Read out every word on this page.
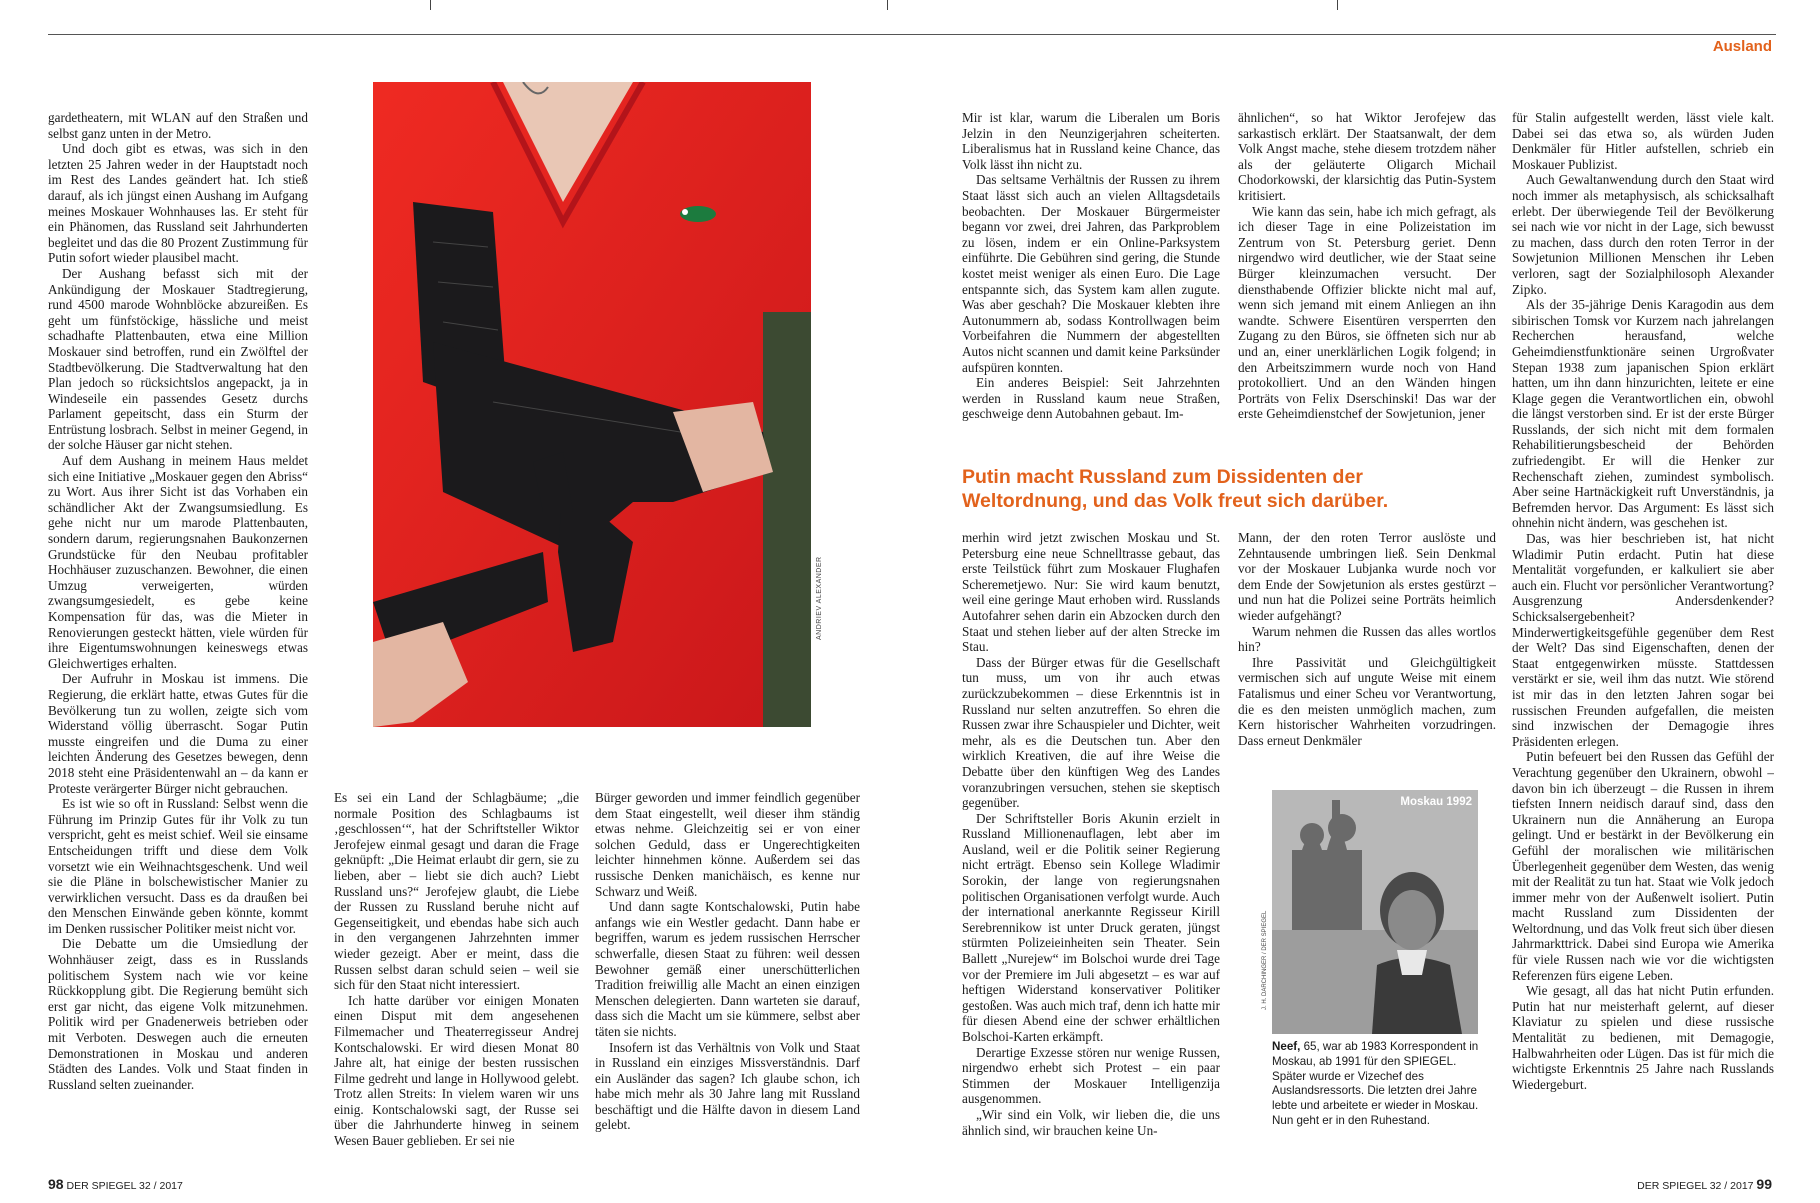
Ausland

gardetheatern, mit WLAN auf den Straßen und selbst ganz unten in der Metro.

Und doch gibt es etwas, was sich in den letzten 25 Jahren weder in der Hauptstadt noch im Rest des Landes geändert hat. Ich stieß darauf, als ich jüngst einen Aushang im Aufgang meines Moskauer Wohnhauses las. Er steht für ein Phänomen, das Russland seit Jahrhunderten begleitet und das die 80 Prozent Zustimmung für Putin sofort wieder plausibel macht.

Der Aushang befasst sich mit der Ankündigung der Moskauer Stadtregierung, rund 4500 marode Wohnblöcke abzureißen. Es geht um fünfstöckige, hässliche und meist schadhafte Plattenbauten, etwa eine Million Moskauer sind betroffen, rund ein Zwölftel der Stadtbevölkerung. Die Stadtverwaltung hat den Plan jedoch so rücksichtslos angepackt, ja in Windeseile ein passendes Gesetz durchs Parlament gepeitscht, dass ein Sturm der Entrüstung losbrach. Selbst in meiner Gegend, in der solche Häuser gar nicht stehen.

Auf dem Aushang in meinem Haus meldet sich eine Initiative „Moskauer gegen den Abriss“ zu Wort. Aus ihrer Sicht ist das Vorhaben ein schändlicher Akt der Zwangsumsiedlung. Es gehe nicht nur um marode Plattenbauten, sondern darum, regierungsnahen Baukonzernen Grundstücke für den Neubau profitabler Hochhäuser zuzuschanzen. Bewohner, die einen Umzug verweigerten, würden zwangsumgesiedelt, es gebe keine Kompensation für das, was die Mieter in Renovierungen gesteckt hätten, viele würden für ihre Eigentumswohnungen keineswegs etwas Gleichwertiges erhalten.

Der Aufruhr in Moskau ist immens. Die Regierung, die erklärt hatte, etwas Gutes für die Bevölkerung tun zu wollen, zeigte sich vom Widerstand völlig überrascht. Sogar Putin musste eingreifen und die Duma zu einer leichten Änderung des Gesetzes bewegen, denn 2018 steht eine Präsidentenwahl an – da kann er Proteste verärgerter Bürger nicht gebrauchen.

Es ist wie so oft in Russland: Selbst wenn die Führung im Prinzip Gutes für ihr Volk zu tun verspricht, geht es meist schief. Weil sie einsame Entscheidungen trifft und diese dem Volk vorsetzt wie ein Weihnachtsgeschenk. Und weil sie die Pläne in bolschewistischer Manier zu verwirklichen versucht. Dass es da draußen bei den Menschen Einwände geben könnte, kommt im Denken russischer Politiker meist nicht vor.

Die Debatte um die Umsiedlung der Wohnhäuser zeigt, dass es in Russlands politischem System nach wie vor keine Rückkopplung gibt. Die Regierung bemüht sich erst gar nicht, das eigene Volk mitzunehmen. Politik wird per Gnadenerweis betrieben oder mit Verboten. Deswegen auch die erneuten Demonstrationen in Moskau und anderen Städten des Landes. Volk und Staat finden in Russland selten zueinander.

ANDRIEV ALEXANDER

Es sei ein Land der Schlagbäume; „die normale Position des Schlagbaums ist ‚geschlossen‘“, hat der Schriftsteller Wiktor Jerofejew einmal gesagt und daran die Frage geknüpft: „Die Heimat erlaubt dir gern, sie zu lieben, aber – liebt sie dich auch? Liebt Russland uns?“ Jerofejew glaubt, die Liebe der Russen zu Russland beruhe nicht auf Gegenseitigkeit, und ebendas habe sich auch in den vergangenen Jahrzehnten immer wieder gezeigt. Aber er meint, dass die Russen selbst daran schuld seien – weil sie sich für den Staat nicht interessiert.

Ich hatte darüber vor einigen Monaten einen Disput mit dem angesehenen Filmemacher und Theaterregisseur Andrej Kontschalowski. Er wird diesen Monat 80 Jahre alt, hat einige der besten russischen Filme gedreht und lange in Hollywood gelebt. Trotz allen Streits: In vielem waren wir uns einig. Kontschalowski sagt, der Russe sei über die Jahrhunderte hinweg in seinem Wesen Bauer geblieben. Er sei nie

Bürger geworden und immer feindlich gegenüber dem Staat eingestellt, weil dieser ihm ständig etwas nehme. Gleichzeitig sei er von einer solchen Geduld, dass er Ungerechtigkeiten leichter hinnehmen könne. Außerdem sei das russische Denken manichäisch, es kenne nur Schwarz und Weiß.

Und dann sagte Kontschalowski, Putin habe anfangs wie ein Westler gedacht. Dann habe er begriffen, warum es jedem russischen Herrscher schwerfalle, diesen Staat zu führen: weil dessen Bewohner gemäß einer unerschütterlichen Tradition freiwillig alle Macht an einen einzigen Menschen delegierten. Dann warteten sie darauf, dass sich die Macht um sie kümmere, selbst aber täten sie nichts.

Insofern ist das Verhältnis von Volk und Staat in Russland ein einziges Missverständnis. Darf ein Ausländer das sagen? Ich glaube schon, ich habe mich mehr als 30 Jahre lang mit Russland beschäftigt und die Hälfte davon in diesem Land gelebt.

Mir ist klar, warum die Liberalen um Boris Jelzin in den Neunzigerjahren scheiterten. Liberalismus hat in Russland keine Chance, das Volk lässt ihn nicht zu.

Das seltsame Verhältnis der Russen zu ihrem Staat lässt sich auch an vielen Alltagsdetails beobachten. Der Moskauer Bürgermeister begann vor zwei, drei Jahren, das Parkproblem zu lösen, indem er ein Online-Parksystem einführte. Die Gebühren sind gering, die Stunde kostet meist weniger als einen Euro. Die Lage entspannte sich, das System kam allen zugute. Was aber geschah? Die Moskauer klebten ihre Autonummern ab, sodass Kontrollwagen beim Vorbeifahren die Nummern der abgestellten Autos nicht scannen und damit keine Parksünder aufspüren konnten.

Ein anderes Beispiel: Seit Jahrzehnten werden in Russland kaum neue Straßen, geschweige denn Autobahnen gebaut. Im-

ähnlichen“, so hat Wiktor Jerofejew das sarkastisch erklärt. Der Staatsanwalt, der dem Volk Angst mache, stehe diesem trotzdem näher als der geläuterte Oligarch Michail Chodorkowski, der klarsichtig das Putin-System kritisiert.

Wie kann das sein, habe ich mich gefragt, als ich dieser Tage in eine Polizeistation im Zentrum von St. Petersburg geriet. Denn nirgendwo wird deutlicher, wie der Staat seine Bürger kleinzumachen versucht. Der diensthabende Offizier blickte nicht mal auf, wenn sich jemand mit einem Anliegen an ihn wandte. Schwere Eisentüren versperrten den Zugang zu den Büros, sie öffneten sich nur ab und an, einer unerklärlichen Logik folgend; in den Arbeitszimmern wurde noch von Hand protokolliert. Und an den Wänden hingen Porträts von Felix Dserschinski! Das war der erste Geheimdienstchef der Sowjetunion, jener

Putin macht Russland zum Dissidenten der Weltordnung, und das Volk freut sich darüber.

merhin wird jetzt zwischen Moskau und St. Petersburg eine neue Schnelltrasse gebaut, das erste Teilstück führt zum Moskauer Flughafen Scheremetjewo. Nur: Sie wird kaum benutzt, weil eine geringe Maut erhoben wird. Russlands Autofahrer sehen darin ein Abzocken durch den Staat und stehen lieber auf der alten Strecke im Stau.

Dass der Bürger etwas für die Gesellschaft tun muss, um von ihr auch etwas zurückzubekommen – diese Erkenntnis ist in Russland nur selten anzutreffen. So ehren die Russen zwar ihre Schauspieler und Dichter, weit mehr, als es die Deutschen tun. Aber den wirklich Kreativen, die auf ihre Weise die Debatte über den künftigen Weg des Landes voranzubringen versuchen, stehen sie skeptisch gegenüber.

Der Schriftsteller Boris Akunin erzielt in Russland Millionenauflagen, lebt aber im Ausland, weil er die Politik seiner Regierung nicht erträgt. Ebenso sein Kollege Wladimir Sorokin, der lange von regierungsnahen politischen Organisationen verfolgt wurde. Auch der international anerkannte Regisseur Kirill Serebrennikow ist unter Druck geraten, jüngst stürmten Polizeieinheiten sein Theater. Sein Ballett „Nurejew“ im Bolschoi wurde drei Tage vor der Premiere im Juli abgesetzt – es war auf heftigen Widerstand konservativer Politiker gestoßen. Was auch mich traf, denn ich hatte mir für diesen Abend eine der schwer erhältlichen Bolschoi-Karten erkämpft.

Derartige Exzesse stören nur wenige Russen, nirgendwo erhebt sich Protest – ein paar Stimmen der Moskauer Intelligenzija ausgenommen.

„Wir sind ein Volk, wir lieben die, die uns ähnlich sind, wir brauchen keine Un-

Mann, der den roten Terror auslöste und Zehntausende umbringen ließ. Sein Denkmal vor der Moskauer Lubjanka wurde noch vor dem Ende der Sowjetunion als erstes gestürzt – und nun hat die Polizei seine Porträts heimlich wieder aufgehängt?

Warum nehmen die Russen das alles wortlos hin?

Ihre Passivität und Gleichgültigkeit vermischen sich auf ungute Weise mit einem Fatalismus und einer Scheu vor Verantwortung, die es den meisten unmöglich machen, zum Kern historischer Wahrheiten vorzudringen. Dass erneut Denkmäler

Moskau 1992
J. H. DARCHINGER / DER SPIEGEL
Neef, 65, war ab 1983 Korrespondent in Moskau, ab 1991 für den SPIEGEL. Später wurde er Vizechef des Auslandsressorts. Die letzten drei Jahre lebte und arbeitete er wieder in Moskau. Nun geht er in den Ruhestand.

für Stalin aufgestellt werden, lässt viele kalt. Dabei sei das etwa so, als würden Juden Denkmäler für Hitler aufstellen, schrieb ein Moskauer Publizist.

Auch Gewaltanwendung durch den Staat wird noch immer als metaphysisch, als schicksalhaft erlebt. Der überwiegende Teil der Bevölkerung sei nach wie vor nicht in der Lage, sich bewusst zu machen, dass durch den roten Terror in der Sowjetunion Millionen Menschen ihr Leben verloren, sagt der Sozialphilosoph Alexander Zipko.

Als der 35-jährige Denis Karagodin aus dem sibirischen Tomsk vor Kurzem nach jahrelangen Recherchen herausfand, welche Geheimdienstfunktionäre seinen Urgroßvater Stepan 1938 zum japanischen Spion erklärt hatten, um ihn dann hinzurichten, leitete er eine Klage gegen die Verantwortlichen ein, obwohl die längst verstorben sind. Er ist der erste Bürger Russlands, der sich nicht mit dem formalen Rehabilitierungsbescheid der Behörden zufriedengibt. Er will die Henker zur Rechenschaft ziehen, zumindest symbolisch. Aber seine Hartnäckigkeit ruft Unverständnis, ja Befremden hervor. Das Argument: Es lässt sich ohnehin nicht ändern, was geschehen ist.

Das, was hier beschrieben ist, hat nicht Wladimir Putin erdacht. Putin hat diese Mentalität vorgefunden, er kalkuliert sie aber auch ein. Flucht vor persönlicher Verantwortung? Ausgrenzung Andersdenkender? Schicksalsergebenheit? Minderwertigkeitsgefühle gegenüber dem Rest der Welt? Das sind Eigenschaften, denen der Staat entgegenwirken müsste. Stattdessen verstärkt er sie, weil ihm das nutzt. Wie störend ist mir das in den letzten Jahren sogar bei russischen Freunden aufgefallen, die meisten sind inzwischen der Demagogie ihres Präsidenten erlegen.

Putin befeuert bei den Russen das Gefühl der Verachtung gegenüber den Ukrainern, obwohl – davon bin ich überzeugt – die Russen in ihrem tiefsten Innern neidisch darauf sind, dass den Ukrainern nun die Annäherung an Europa gelingt. Und er bestärkt in der Bevölkerung ein Gefühl der moralischen wie militärischen Überlegenheit gegenüber dem Westen, das wenig mit der Realität zu tun hat. Staat wie Volk jedoch immer mehr von der Außenwelt isoliert. Putin macht Russland zum Dissidenten der Weltordnung, und das Volk freut sich über diesen Jahrmarkttrick. Dabei sind Europa wie Amerika für viele Russen nach wie vor die wichtigsten Referenzen fürs eigene Leben.

Wie gesagt, all das hat nicht Putin erfunden. Putin hat nur meisterhaft gelernt, auf dieser Klaviatur zu spielen und diese russische Mentalität zu bedienen, mit Demagogie, Halbwahrheiten oder Lügen. Das ist für mich die wichtigste Erkenntnis 25 Jahre nach Russlands Wiedergeburt.

98 DER SPIEGEL 32 / 2017	DER SPIEGEL 32 / 2017 99
